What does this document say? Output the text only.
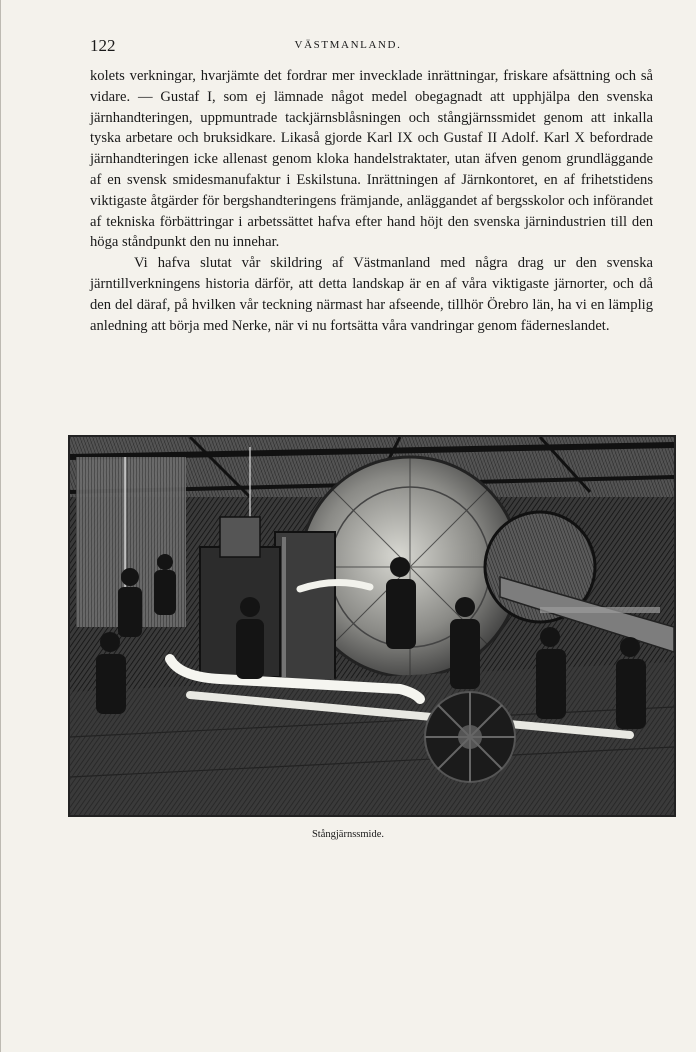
122	VÄSTMANLAND.

kolets verkningar, hvarjämte det fordrar mer invecklade inrättningar, friskare afsättning och så vidare. — Gustaf I, som ej lämnade något medel obegagnadt att upphjälpa den svenska järnhandteringen, uppmuntrade tackjärnsblåsningen och stångjärnssmidet genom att inkalla tyska arbetare och bruksidkare. Likaså gjorde Karl IX och Gustaf II Adolf. Karl X befordrade järnhandteringen icke allenast genom kloka handelstraktater, utan äfven genom grundläggande af en svensk smidesmanufaktur i Eskilstuna. Inrättningen af Järnkontoret, en af frihetstidens viktigaste åtgärder för bergshandteringens främjande, anläggandet af bergsskolor och införandet af tekniska förbättringar i arbetssättet hafva efter hand höjt den svenska järnindustrien till den höga ståndpunkt den nu innehar.

Vi hafva slutat vår skildring af Västmanland med några drag ur den svenska järntillverkningens historia därför, att detta landskap är en af våra viktigaste järnorter, och då den del däraf, på hvilken vår teckning närmast har afseende, tillhör Örebro län, ha vi en lämplig anledning att börja med Nerke, när vi nu fortsätta våra vandringar genom fäderneslandet.

Stångjärnssmide.
